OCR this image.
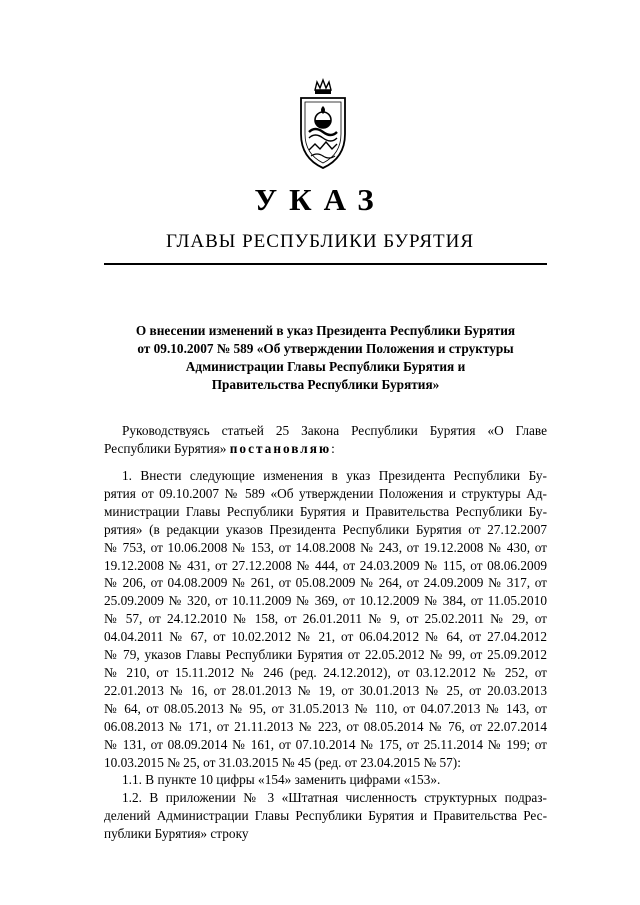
УКАЗ
ГЛАВЫ РЕСПУБЛИКИ БУРЯТИЯ
О внесении изменений в указ Президента Республики Бурятия
от 09.10.2007 № 589 «Об утверждении Положения и структуры
Администрации Главы Республики Бурятия и
Правительства Республики Бурятия»
Руководствуясь статьей 25 Закона Республики Бурятия «О Главе
Республики Бурятия» постановляю:
1. Внести следующие изменения в указ Президента Республики Бу-
рятия от 09.10.2007 № 589 «Об утверждении Положения и структуры Ад-
министрации Главы Республики Бурятия и Правительства Республики Бу-
рятия» (в редакции указов Президента Республики Бурятия от 27.12.2007
№ 753, от 10.06.2008 № 153, от 14.08.2008 № 243, от 19.12.2008 № 430, от
19.12.2008 № 431, от 27.12.2008 № 444, от 24.03.2009 № 115, от 08.06.2009
№ 206, от 04.08.2009 № 261, от 05.08.2009 № 264, от 24.09.2009 № 317, от
25.09.2009 № 320, от 10.11.2009 № 369, от 10.12.2009 № 384, от 11.05.2010
№ 57, от 24.12.2010 № 158, от 26.01.2011 № 9, от 25.02.2011 № 29, от
04.04.2011 № 67, от 10.02.2012 № 21, от 06.04.2012 № 64, от 27.04.2012
№ 79, указов Главы Республики Бурятия от 22.05.2012 № 99, от 25.09.2012
№ 210, от 15.11.2012 № 246 (ред. 24.12.2012), от 03.12.2012 № 252, от
22.01.2013 № 16, от 28.01.2013 № 19, от 30.01.2013 № 25, от 20.03.2013
№ 64, от 08.05.2013 № 95, от 31.05.2013 № 110, от 04.07.2013 № 143, от
06.08.2013 № 171, от 21.11.2013 № 223, от 08.05.2014 № 76, от 22.07.2014
№ 131, от 08.09.2014 № 161, от 07.10.2014 № 175, от 25.11.2014 № 199; от
10.03.2015 № 25, от 31.03.2015 № 45 (ред. от 23.04.2015 № 57):
1.1. В пункте 10 цифры «154» заменить цифрами «153».
1.2. В приложении № 3 «Штатная численность структурных подраз-
делений Администрации Главы Республики Бурятия и Правительства Рес-
публики Бурятия» строку
